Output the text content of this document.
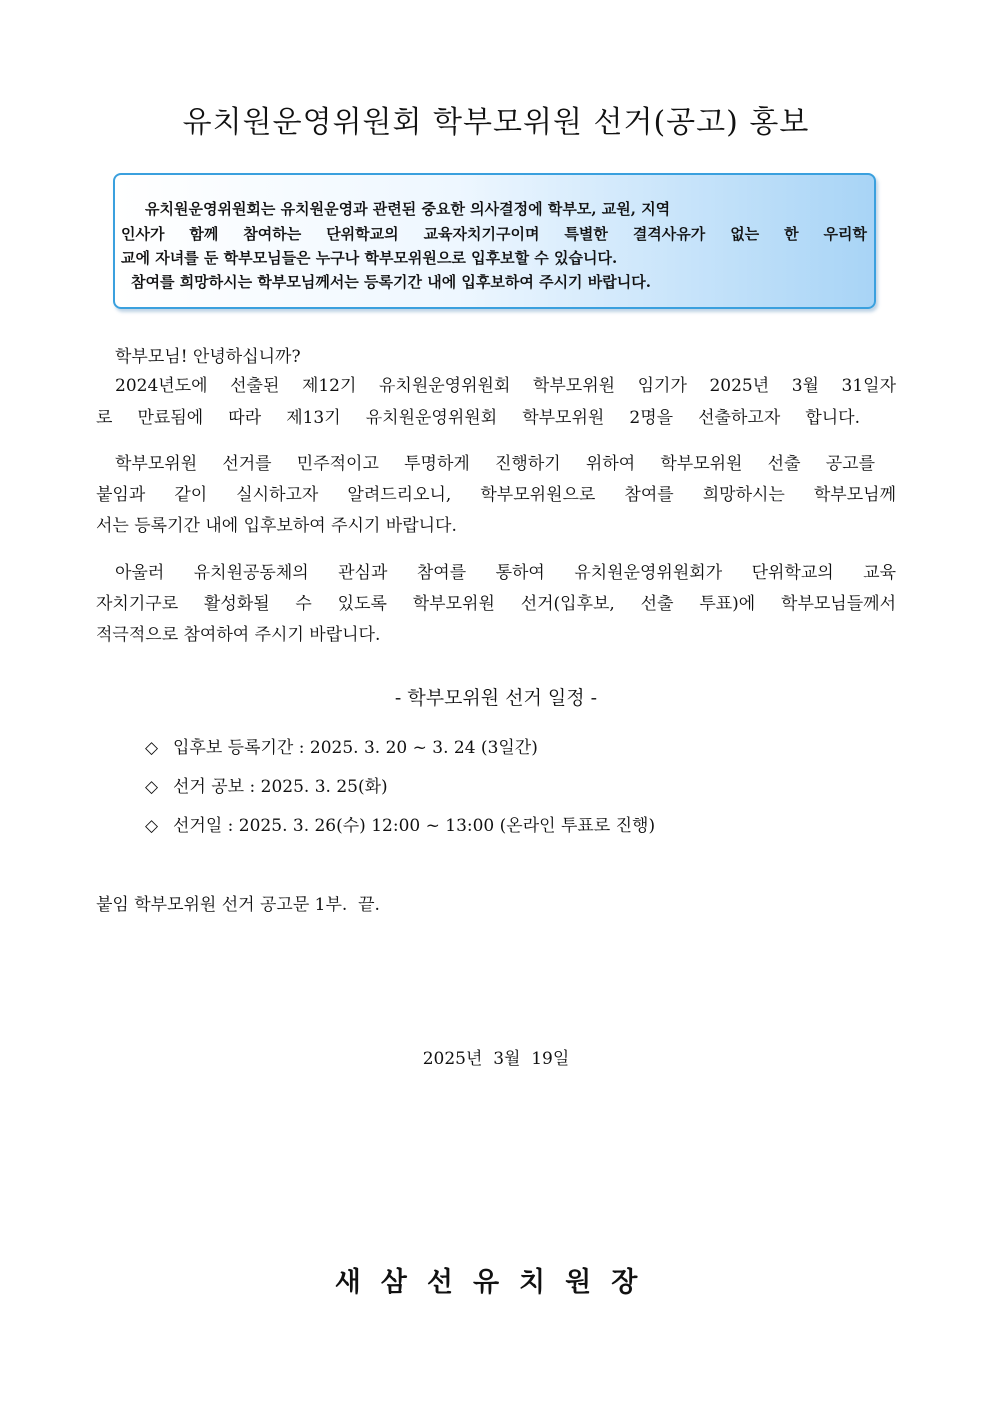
유치원운영위원회 학부모위원 선거(공고) 홍보
유치원운영위원회는 유치원운영과 관련된 중요한 의사결정에 학부모, 교원, 지역
인사가 함께 참여하는 단위학교의 교육자치기구이며 특별한 결격사유가 없는 한 우리학
교에 자녀를 둔 학부모님들은 누구나 학부모위원으로 입후보할 수 있습니다.
참여를 희망하시는 학부모님께서는 등록기간 내에 입후보하여 주시기 바랍니다.
학부모님! 안녕하십니까?
2024년도에 선출된 제12기 유치원운영위원회 학부모위원 임기가 2025년 3월 31일자
로 만료됨에 따라 제13기 유치원운영위원회 학부모위원 2명을 선출하고자 합니다.
학부모위원 선거를 민주적이고 투명하게 진행하기 위하여 학부모위원 선출 공고를
붙임과 같이 실시하고자 알려드리오니, 학부모위원으로 참여를 희망하시는 학부모님께
서는 등록기간 내에 입후보하여 주시기 바랍니다.
아울러 유치원공동체의 관심과 참여를 통하여 유치원운영위원회가 단위학교의 교육
자치기구로 활성화될 수 있도록 학부모위원 선거(입후보, 선출 투표)에 학부모님들께서
적극적으로 참여하여 주시기 바랍니다.
- 학부모위원 선거 일정 -
◇ 입후보 등록기간 : 2025. 3. 20 ~ 3. 24 (3일간)
◇ 선거 공보 : 2025. 3. 25(화)
◇ 선거일 : 2025. 3. 26(수) 12:00 ~ 13:00 (온라인 투표로 진행)
붙임 학부모위원 선거 공고문 1부.  끝.
2025년  3월  19일
새삼선유치원장
